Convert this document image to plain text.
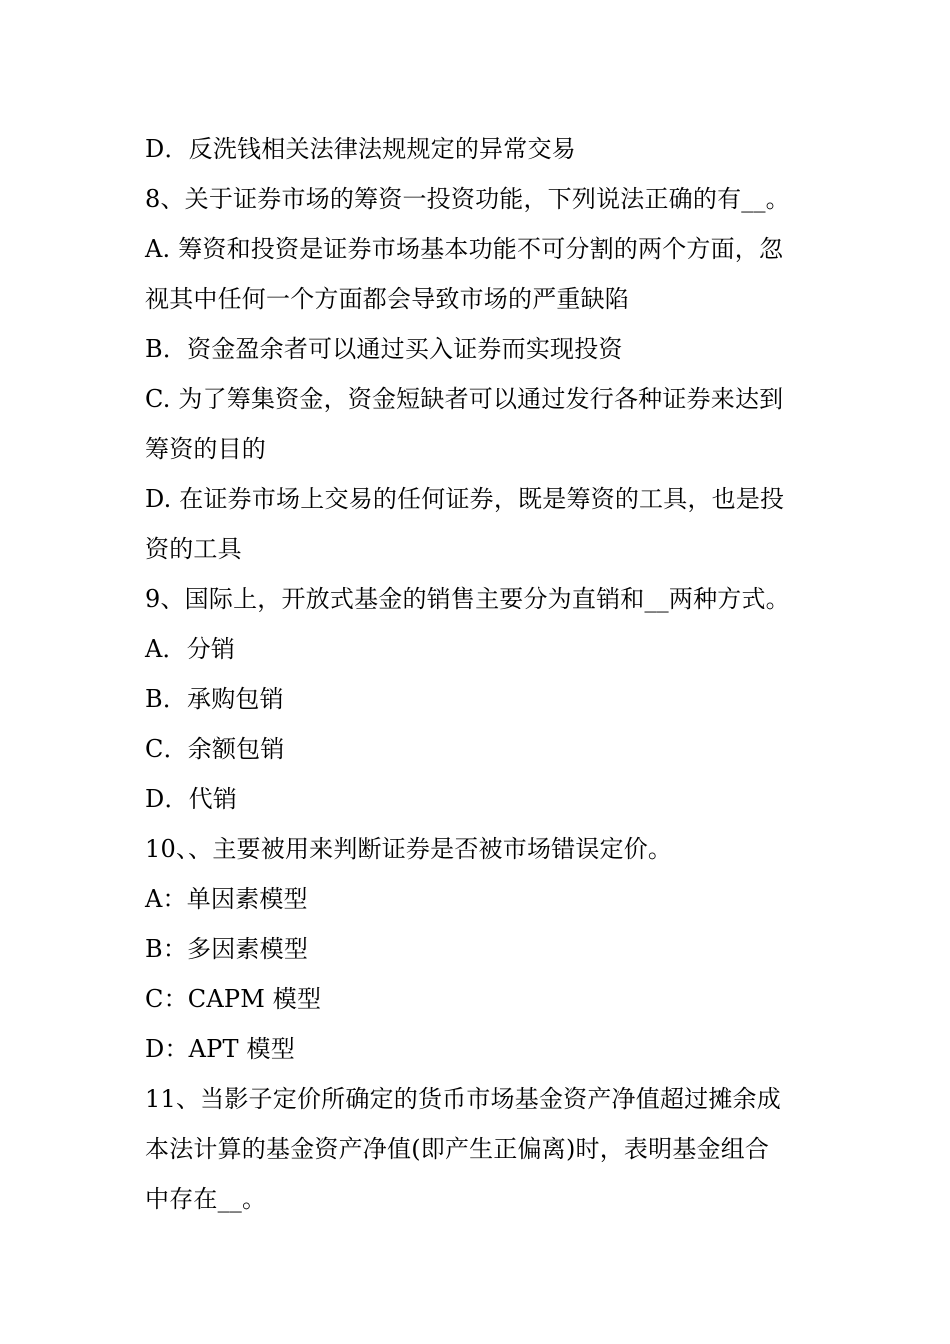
D．反洗钱相关法律法规规定的异常交易
8、关于证券市场的筹资一投资功能，下列说法正确的有__。
A. 筹资和投资是证券市场基本功能不可分割的两个方面，忽
视其中任何一个方面都会导致市场的严重缺陷
B．资金盈余者可以通过买入证券而实现投资
C. 为了筹集资金，资金短缺者可以通过发行各种证券来达到
筹资的目的
D. 在证券市场上交易的任何证券，既是筹资的工具，也是投
资的工具
9、国际上，开放式基金的销售主要分为直销和__两种方式。
A．分销
B．承购包销
C．余额包销
D．代销
10、、主要被用来判断证券是否被市场错误定价。
A：单因素模型
B：多因素模型
C：CAPM 模型
D：APT 模型
11、当影子定价所确定的货币市场基金资产净值超过摊余成
本法计算的基金资产净值(即产生正偏离)时，表明基金组合
中存在__。
